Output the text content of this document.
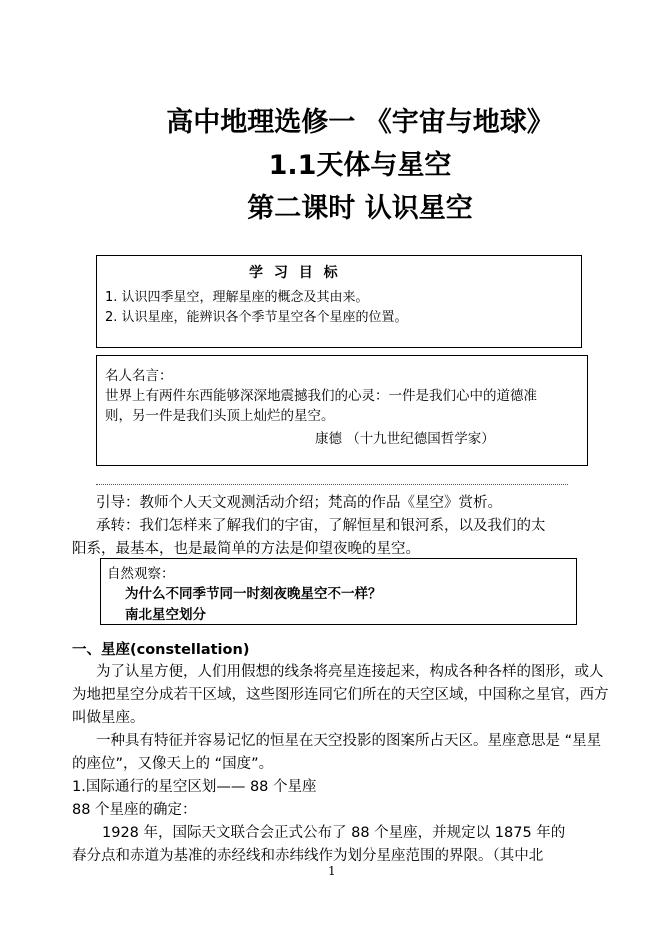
高中地理选修一 《宇宙与地球》
1.1天体与星空
第二课时 认识星空
学 习 目 标
1. 认识四季星空，理解星座的概念及其由来。
2. 认识星座，能辨识各个季节星空各个星座的位置。
名人名言：
世界上有两件东西能够深深地震撼我们的心灵：一件是我们心中的道德准
则，另一件是我们头顶上灿烂的星空。
康德 （十九世纪德国哲学家）
引导：教师个人天文观测活动介绍；梵高的作品《星空》赏析。
承转：我们怎样来了解我们的宇宙，了解恒星和银河系，以及我们的太
阳系，最基本，也是最简单的方法是仰望夜晚的星空。
自然观察：
为什么不同季节同一时刻夜晚星空不一样？
南北星空划分
一、星座(constellation)
为了认星方便，人们用假想的线条将亮星连接起来，构成各种各样的图形，或人
为地把星空分成若干区域，这些图形连同它们所在的天空区域，中国称之星官，西方
叫做星座。
一种具有特征并容易记忆的恒星在天空投影的图案所占天区。星座意思是 “星星
的座位”，又像天上的 “国度”。
1.国际通行的星空区划—— 88 个星座
88 个星座的确定：
1928 年，国际天文联合会正式公布了 88 个星座，并规定以 1875 年的
春分点和赤道为基准的赤经线和赤纬线作为划分星座范围的界限。（其中北
1
